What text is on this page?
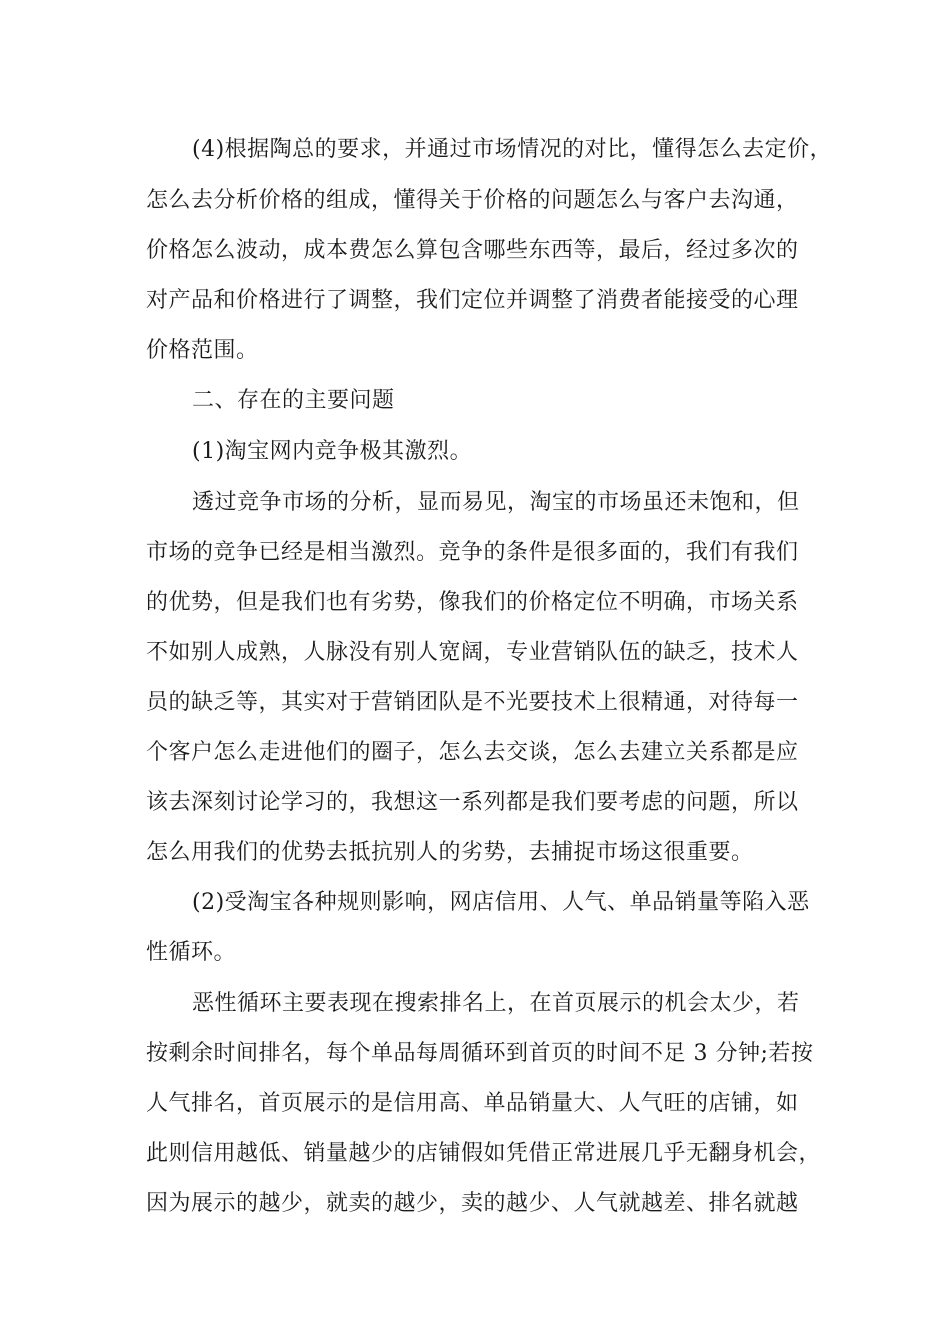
(4)根据陶总的要求，并通过市场情况的对比，懂得怎么去定价，
怎么去分析价格的组成，懂得关于价格的问题怎么与客户去沟通，
价格怎么波动，成本费怎么算包含哪些东西等，最后，经过多次的
对产品和价格进行了调整，我们定位并调整了消费者能接受的心理
价格范围。
二、存在的主要问题
(1)淘宝网内竞争极其激烈。
透过竞争市场的分析，显而易见，淘宝的市场虽还未饱和，但
市场的竞争已经是相当激烈。竞争的条件是很多面的，我们有我们
的优势，但是我们也有劣势，像我们的价格定位不明确，市场关系
不如别人成熟，人脉没有别人宽阔，专业营销队伍的缺乏，技术人
员的缺乏等，其实对于营销团队是不光要技术上很精通，对待每一
个客户怎么走进他们的圈子，怎么去交谈，怎么去建立关系都是应
该去深刻讨论学习的，我想这一系列都是我们要考虑的问题，所以
怎么用我们的优势去抵抗别人的劣势，去捕捉市场这很重要。
(2)受淘宝各种规则影响，网店信用、人气、单品销量等陷入恶
性循环。
恶性循环主要表现在搜索排名上，在首页展示的机会太少，若
按剩余时间排名，每个单品每周循环到首页的时间不足 3 分钟;若按
人气排名，首页展示的是信用高、单品销量大、人气旺的店铺，如
此则信用越低、销量越少的店铺假如凭借正常进展几乎无翻身机会，
因为展示的越少，就卖的越少，卖的越少、人气就越差、排名就越
